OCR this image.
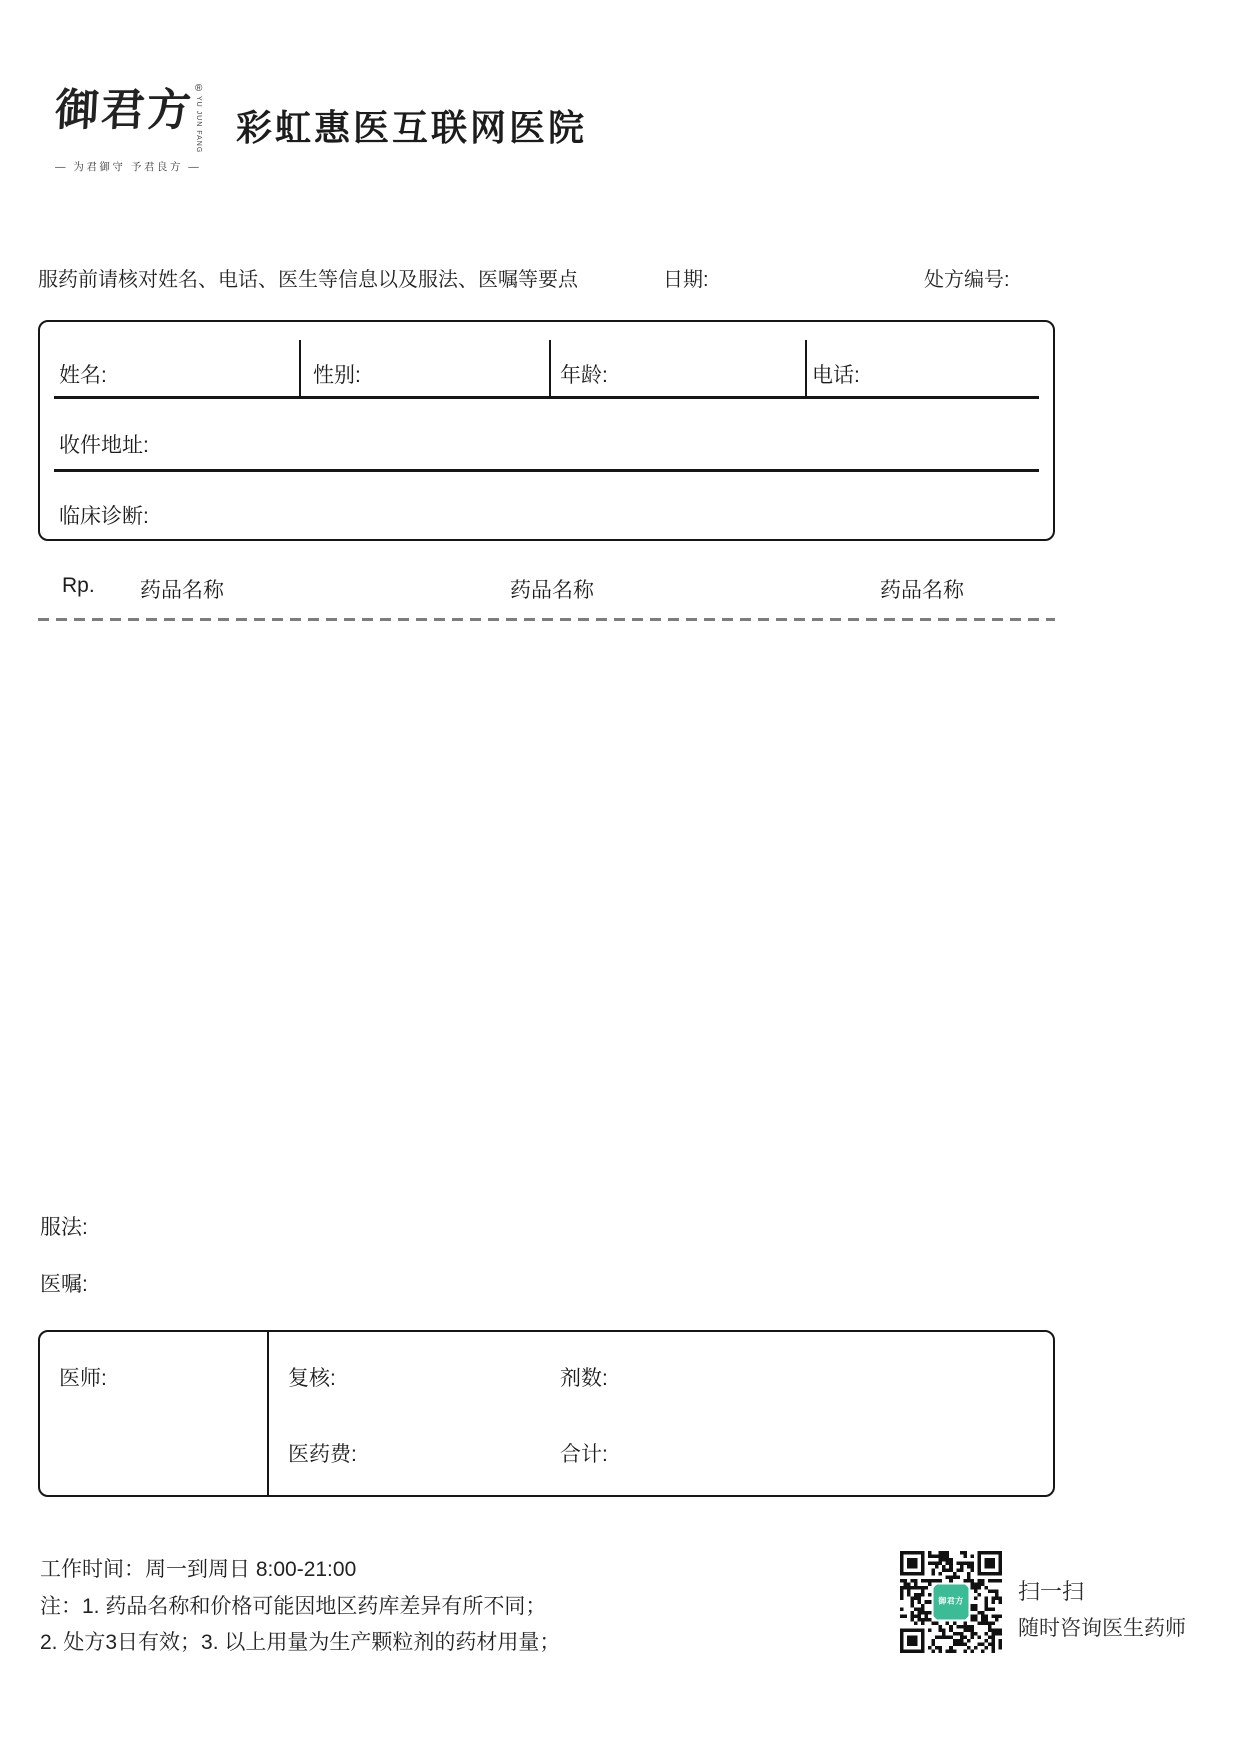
御君方 ®
YU JUN FANG
— 为君御守 予君良方 —
彩虹惠医互联网医院
服药前请核对姓名、电话、医生等信息以及服法、医嘱等要点	日期:	处方编号:
姓名:	性别:	年龄:	电话:
收件地址:
临床诊断:
Rp. 药品名称	药品名称	药品名称
服法:
医嘱:
医师:	复核:	剂数:
医药费:	合计:
工作时间：周一到周日 8:00-21:00
注：1. 药品名称和价格可能因地区药库差异有所不同；
2. 处方3日有效；3. 以上用量为生产颗粒剂的药材用量；
御君方 扫一扫
随时咨询医生药师
